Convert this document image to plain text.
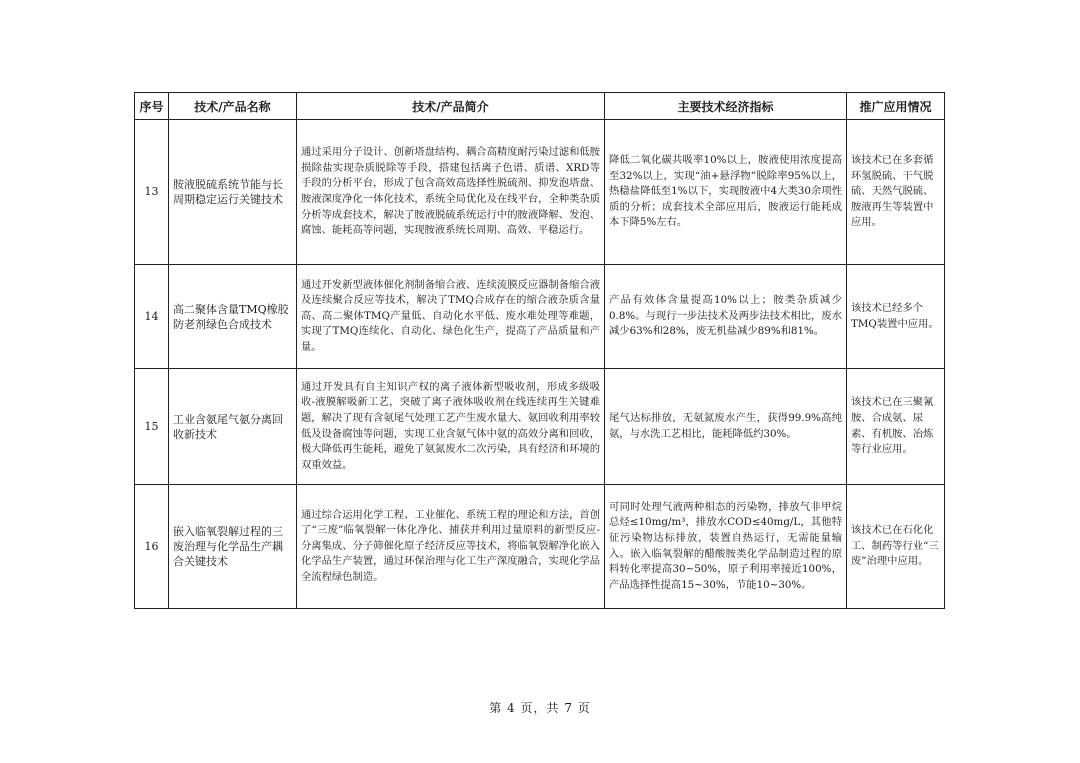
序号	技术/产品名称	技术/产品简介	主要技术经济指标	推广应用情况
13	胺液脱硫系统节能与长周期稳定运行关键技术	通过采用分子设计、创新塔盘结构、耦合高精度耐污染过滤和低胺损除盐实现杂质脱除等手段，搭建包括离子色谱、质谱、XRD等手段的分析平台，形成了包含高效高选择性脱硫剂、抑发泡塔盘、胺液深度净化一体化技术，系统全局优化及在线平台，全种类杂质分析等成套技术，解决了胺液脱硫系统运行中的胺液降解、发泡、腐蚀、能耗高等问题，实现胺液系统长周期、高效、平稳运行。	降低二氧化碳共吸率10%以上，胺液使用浓度提高至32%以上，实现“油+悬浮物”脱除率95%以上，热稳盐降低至1%以下，实现胺液中4大类30余项性质的分析；成套技术全部应用后，胺液运行能耗成本下降5%左右。	该技术已在多套循环氢脱硫、干气脱硫、天然气脱硫、胺液再生等装置中应用。
14	高二聚体含量TMQ橡胶防老剂绿色合成技术	通过开发新型液体催化剂制备缩合液、连续流膜反应器制备缩合液及连续聚合反应等技术，解决了TMQ合成存在的缩合液杂质含量高、高二聚体TMQ产量低、自动化水平低、废水难处理等难题，实现了TMQ连续化、自动化、绿色化生产，提高了产品质量和产量。	产品有效体含量提高10%以上；胺类杂质减少0.8%。与现行一步法技术及两步法技术相比，废水减少63%和28%，废无机盐减少89%和81%。	该技术已经多个TMQ装置中应用。
15	工业含氨尾气氨分离回收新技术	通过开发具有自主知识产权的离子液体新型吸收剂，形成多级吸收-液膜解吸新工艺，突破了离子液体吸收剂在线连续再生关键难题，解决了现有含氨尾气处理工艺产生废水量大、氨回收利用率较低及设备腐蚀等问题，实现工业含氨气体中氨的高效分离和回收，极大降低再生能耗，避免了氨氮废水二次污染，具有经济和环境的双重效益。	尾气达标排放，无氨氮废水产生，获得99.9%高纯氨，与水洗工艺相比，能耗降低约30%。	该技术已在三聚氰胺、合成氨、尿素、有机胺、冶炼等行业应用。
16	嵌入临氧裂解过程的三废治理与化学品生产耦合关键技术	通过综合运用化学工程、工业催化、系统工程的理论和方法，首创了“三废”临氧裂解一体化净化、捕获并利用过量原料的新型反应-分离集成、分子筛催化原子经济反应等技术，将临氧裂解净化嵌入化学品生产装置，通过环保治理与化工生产深度融合，实现化学品全流程绿色制造。	可同时处理气液两种相态的污染物，排放气非甲烷总烃≤10mg/m³，排放水COD≤40mg/L，其他特征污染物达标排放，装置自热运行，无需能量输入。嵌入临氧裂解的醋酸胺类化学品制造过程的原料转化率提高30~50%，原子利用率接近100%，产品选择性提高15~30%，节能10~30%。	该技术已在石化化工、制药等行业“三废”治理中应用。
第 4 页，共 7 页
